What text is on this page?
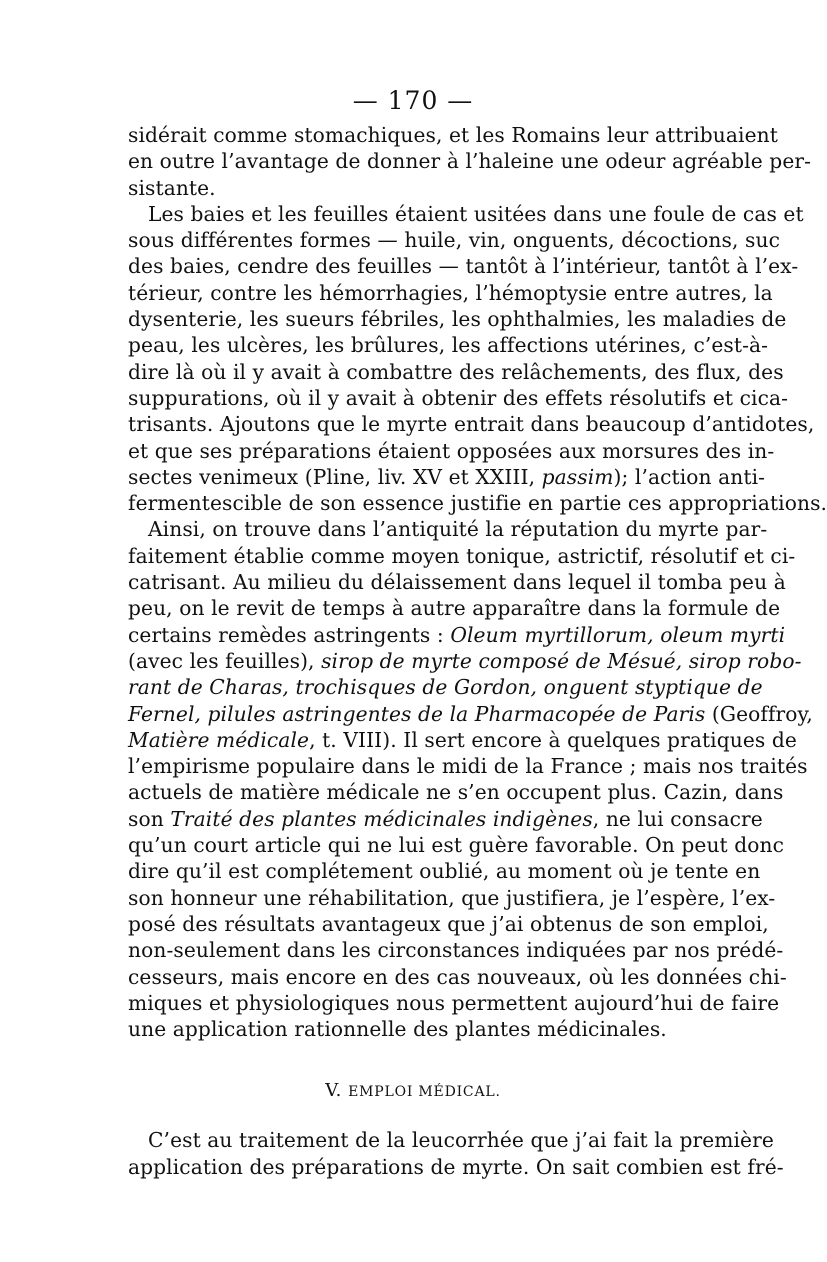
— 170 —
sidérait comme stomachiques, et les Romains leur attribuaient
en outre l’avantage de donner à l’haleine une odeur agréable per-
sistante.
Les baies et les feuilles étaient usitées dans une foule de cas et
sous différentes formes — huile, vin, onguents, décoctions, suc
des baies, cendre des feuilles — tantôt à l’intérieur, tantôt à l’ex-
térieur, contre les hémorrhagies, l’hémoptysie entre autres, la
dysenterie, les sueurs fébriles, les ophthalmies, les maladies de
peau, les ulcères, les brûlures, les affections utérines, c’est-à-
dire là où il y avait à combattre des relâchements, des flux, des
suppurations, où il y avait à obtenir des effets résolutifs et cica-
trisants. Ajoutons que le myrte entrait dans beaucoup d’antidotes,
et que ses préparations étaient opposées aux morsures des in-
sectes venimeux (Pline, liv. XV et XXIII, passim); l’action anti-
fermentescible de son essence justifie en partie ces appropriations.
Ainsi, on trouve dans l’antiquité la réputation du myrte par-
faitement établie comme moyen tonique, astrictif, résolutif et ci-
catrisant. Au milieu du délaissement dans lequel il tomba peu à
peu, on le revit de temps à autre apparaître dans la formule de
certains remèdes astringents : Oleum myrtillorum, oleum myrti
(avec les feuilles), sirop de myrte composé de Mésué, sirop robo-
rant de Charas, trochisques de Gordon, onguent styptique de
Fernel, pilules astringentes de la Pharmacopée de Paris (Geoffroy,
Matière médicale, t. VIII). Il sert encore à quelques pratiques de
l’empirisme populaire dans le midi de la France ; mais nos traités
actuels de matière médicale ne s’en occupent plus. Cazin, dans
son Traité des plantes médicinales indigènes, ne lui consacre
qu’un court article qui ne lui est guère favorable. On peut donc
dire qu’il est complétement oublié, au moment où je tente en
son honneur une réhabilitation, que justifiera, je l’espère, l’ex-
posé des résultats avantageux que j’ai obtenus de son emploi,
non-seulement dans les circonstances indiquées par nos prédé-
cesseurs, mais encore en des cas nouveaux, où les données chi-
miques et physiologiques nous permettent aujourd’hui de faire
une application rationnelle des plantes médicinales.
V. EMPLOI MÉDICAL.
C’est au traitement de la leucorrhée que j’ai fait la première
application des préparations de myrte. On sait combien est fré-
